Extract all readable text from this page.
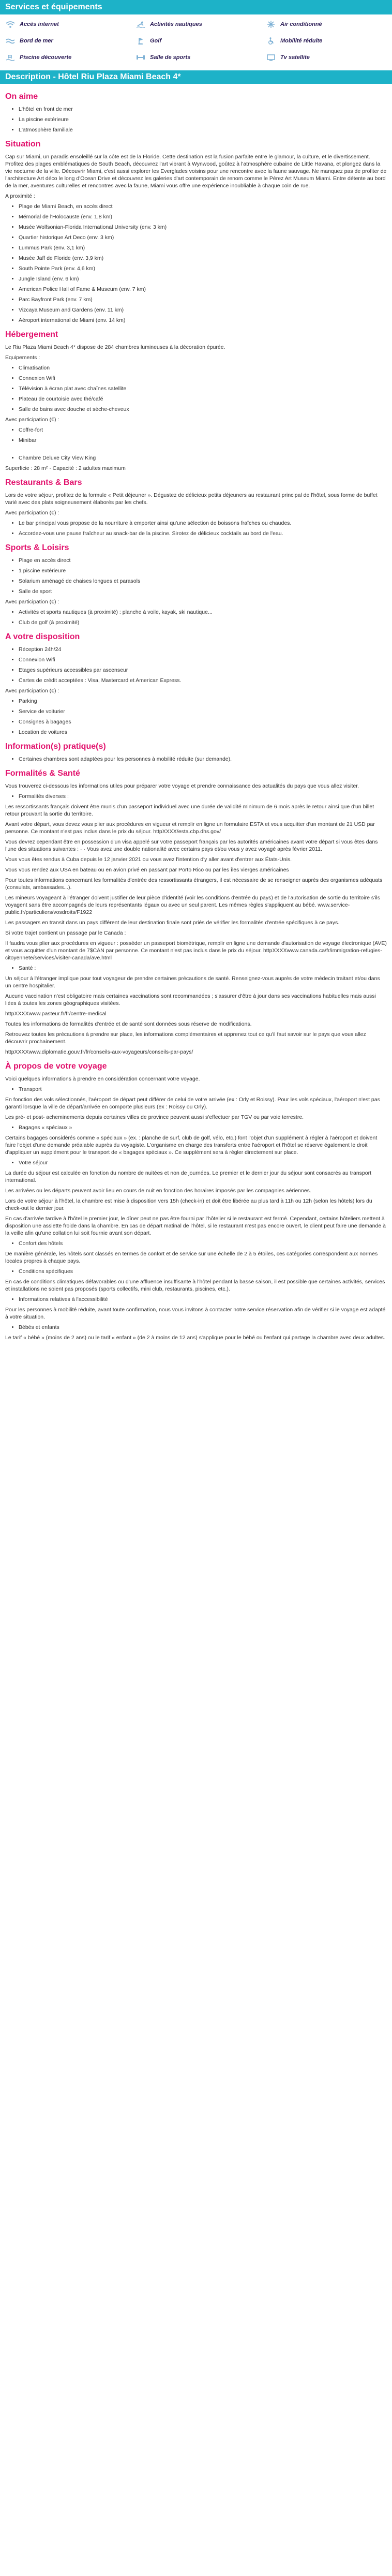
Services et équipements
Accès internet	Activités nautiques	Air conditionné
Bord de mer	Golf	Mobilité réduite
Piscine découverte	Salle de sports	Tv satellite
Description - Hôtel Riu Plaza Miami Beach 4*
On aime
• L'hôtel en front de mer
• La piscine extérieure
• L'atmosphère familiale
Situation

Cap sur Miami, un paradis ensoleillé sur la côte est de la Floride. Cette destination est la fusion parfaite entre le glamour, la culture, et le divertissement. Profitez des plages emblématiques de South Beach, découvrez l'art vibrant à Wynwood, goûtez à l'atmosphère cubaine de Little Havana, et plongez dans la vie nocturne de la ville. Découvrir Miami, c'est aussi explorer les Everglades voisins pour une rencontre avec la faune sauvage. Ne manquez pas de profiter de l'architecture Art déco le long d'Ocean Drive et découvrez les galeries d'art contemporain de renom comme le Pérez Art Museum Miami. Entre détente au bord de la mer, aventures culturelles et rencontres avec la faune, Miami vous offre une expérience inoubliable à chaque coin de rue.

A proximité :

• Plage de Miami Beach, en accès direct
• Mémorial de l'Holocauste (env. 1,8 km)
• Musée Wolfsonian-Florida International University (env. 3 km)
• Quartier historique Art Deco (env. 3 km)
• Lummus Park (env. 3,1 km)
• Musée Jaff de Floride (env. 3,9 km)
• South Pointe Park (env. 4,6 km)
• Jungle Island (env. 6 km)
• American Police Hall of Fame & Museum (env. 7 km)
• Parc Bayfront Park (env. 7 km)
• Vizcaya Museum and Gardens (env. 11 km)
• Aéroport international de Miami (env. 14 km)
Hébergement

Le Riu Plaza Miami Beach 4* dispose de 284 chambres lumineuses à la décoration épurée.

Equipements :

• Climatisation
• Connexion Wifi
• Télévision à écran plat avec chaînes satellite
• Plateau de courtoisie avec thé/café
• Salle de bains avec douche et sèche-cheveux

Avec participation (€) :

• Coffre-fort
• Minibar
• Chambre Deluxe City View King

Superficie : 28 m² · Capacité : 2 adultes maximum

Restaurants & Bars

Lors de votre séjour, profitez de la formule « Petit déjeuner ». Dégustez de délicieux petits déjeuners au restaurant principal de l'hôtel, sous forme de buffet varié avec des plats soigneusement élaborés par les chefs.

Avec participation (€) :

• Le bar principal vous propose de la nourriture à emporter ainsi qu'une sélection de boissons fraîches ou chaudes.
• Accordez-vous une pause fraîcheur au snack-bar de la piscine. Sirotez de délicieux cocktails au bord de l'eau.
Sports & Loisirs
• Plage en accès direct
• 1 piscine extérieure
• Solarium aménagé de chaises longues et parasols
• Salle de sport

Avec participation (€) :

• Activités et sports nautiques (à proximité) : planche à voile, kayak, ski nautique...
• Club de golf (à proximité)
A votre disposition
• Réception 24h/24
• Connexion Wifi
• Etages supérieurs accessibles par ascenseur
• Cartes de crédit acceptées : Visa, Mastercard et American Express.

Avec participation (€) :

• Parking
• Service de voiturier
• Consignes à bagages
• Location de voitures
Information(s) pratique(s)
• Certaines chambres sont adaptées pour les personnes à mobilité réduite (sur demande).
Formalités & Santé

Vous trouverez ci-dessous les informations utiles pour préparer votre voyage et prendre connaissance des actualités du pays que vous allez visiter.

• Formalités diverses :

Les ressortissants français doivent être munis d'un passeport individuel avec une durée de validité minimum de 6 mois après le retour ainsi que d'un billet retour prouvant la sortie du territoire.

Avant votre départ, vous devez vous plier aux procédures en vigueur et remplir en ligne un formulaire ESTA et vous acquitter d'un montant de 21 USD par personne. Ce montant n'est pas inclus dans le prix du séjour. httpXXXX/esta.cbp.dhs.gov/

Vous devrez cependant être en possession d'un visa appelé sur votre passeport français par les autorités américaines avant votre départ si vous êtes dans l'une des situations suivantes : · · Vous avez une double nationalité avec certains pays et/ou vous y avez voyagé après février 2011.

Vous vous êtes rendus à Cuba depuis le 12 janvier 2021 ou vous avez l'intention d'y aller avant d'entrer aux États-Unis.

Vous vous rendez aux USA en bateau ou en avion privé en passant par Porto Rico ou par les îles vierges américaines

Pour toutes informations concernant les formalités d'entrée des ressortissants étrangers, il est nécessaire de se renseigner auprès des organismes adéquats (consulats, ambassades...).

Les mineurs voyageant à l'étranger doivent justifier de leur pièce d'identité (voir les conditions d'entrée du pays) et de l'autorisation de sortie du territoire s'ils voyagent sans être accompagnés de leurs représentants légaux ou avec un seul parent. Les mêmes règles s'appliquent au bébé. www.service-public.fr/particuliers/vosdroits/F1922

Les passagers en transit dans un pays différent de leur destination finale sont priés de vérifier les formalités d'entrée spécifiques à ce pays.

Si votre trajet contient un passage par le Canada :

Il faudra vous plier aux procédures en vigueur : posséder un passeport biométrique, remplir en ligne une demande d'autorisation de voyage électronique (AVE) et vous acquitter d'un montant de 7$CAN par personne. Ce montant n'est pas inclus dans le prix du séjour. httpXXXXwww.canada.ca/fr/immigration-refugies-citoyennete/services/visiter-canada/ave.html

• Santé :

Un séjour à l'étranger implique pour tout voyageur de prendre certaines précautions de santé. Renseignez-vous auprès de votre médecin traitant et/ou dans un centre hospitalier.

Aucune vaccination n'est obligatoire mais certaines vaccinations sont recommandées ; s'assurer d'être à jour dans ses vaccinations habituelles mais aussi liées à toutes les zones géographiques visitées.

httpXXXXwww.pasteur.fr/fr/centre-medical

Toutes les informations de formalités d'entrée et de santé sont données sous réserve de modifications.

Retrouvez toutes les précautions à prendre sur place, les informations complémentaires et apprenez tout ce qu'il faut savoir sur le pays que vous allez découvrir prochainement.

httpXXXXwww.diplomatie.gouv.fr/fr/conseils-aux-voyageurs/conseils-par-pays/

À propos de votre voyage

Voici quelques informations à prendre en considération concernant votre voyage.

• Transport

En fonction des vols sélectionnés, l'aéroport de départ peut différer de celui de votre arrivée (ex : Orly et Roissy). Pour les vols spéciaux, l'aéroport n'est pas garanti lorsque la ville de départ/arrivée en comporte plusieurs (ex : Roissy ou Orly).

Les pré- et post- acheminements depuis certaines villes de province peuvent aussi s'effectuer par TGV ou par voie terrestre.

• Bagages « spéciaux »

Certains bagages considérés comme « spéciaux » (ex. : planche de surf, club de golf, vélo, etc.) font l'objet d'un supplément à régler à l'aéroport et doivent faire l'objet d'une demande préalable auprès du voyagiste. L'organisme en charge des transferts entre l'aéroport et l'hôtel se réserve également le droit d'appliquer un supplément pour le transport de « bagages spéciaux ». Ce supplément sera à régler directement sur place.

• Votre séjour

La durée du séjour est calculée en fonction du nombre de nuitées et non de journées. Le premier et le dernier jour du séjour sont consacrés au transport international.

Les arrivées ou les départs peuvent avoir lieu en cours de nuit en fonction des horaires imposés par les compagnies aériennes.

Lors de votre séjour à l'hôtel, la chambre est mise à disposition vers 15h (check-in) et doit être libérée au plus tard à 11h ou 12h (selon les hôtels) lors du check-out le dernier jour.

En cas d'arrivée tardive à l'hôtel le premier jour, le dîner peut ne pas être fourni par l'hôtelier si le restaurant est fermé. Cependant, certains hôteliers mettent à disposition une assiette froide dans la chambre. En cas de départ matinal de l'hôtel, si le restaurant n'est pas encore ouvert, le client peut faire une demande à la veille afin qu'une collation lui soit fournie avant son départ.

• Confort des hôtels

De manière générale, les hôtels sont classés en termes de confort et de service sur une échelle de 2 à 5 étoiles, ces catégories correspondent aux normes locales propres à chaque pays.

• Conditions spécifiques

En cas de conditions climatiques défavorables ou d'une affluence insuffisante à l'hôtel pendant la basse saison, il est possible que certaines activités, services et installations ne soient pas proposés (sports collectifs, mini club, restaurants, piscines, etc.).

• Informations relatives à l'accessibilité

Pour les personnes à mobilité réduite, avant toute confirmation, nous vous invitons à contacter notre service réservation afin de vérifier si le voyage est adapté à votre situation.

• Bébés et enfants

Le tarif « bébé » (moins de 2 ans) ou le tarif « enfant » (de 2 à moins de 12 ans) s'applique pour le bébé ou l'enfant qui partage la chambre avec deux adultes.
